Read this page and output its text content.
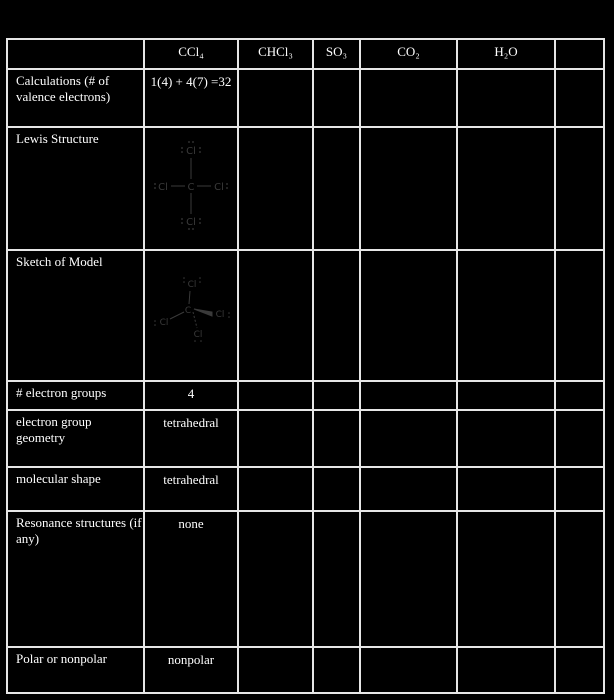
	CCl₄	CHCl₃	SO₃	CO₂	H₂O	
Calculations (# of valence electrons)	1(4) + 4(7) =32					
Lewis Structure	Cl
C
Cl Cl
Cl					

Sketch of Model	Cl
C
Cl
Cl
Cl					

# electron groups	4					
electron group geometry	tetrahedral					
molecular shape	tetrahedral					
Resonance structures (if any)	none					
Polar or nonpolar	nonpolar					
